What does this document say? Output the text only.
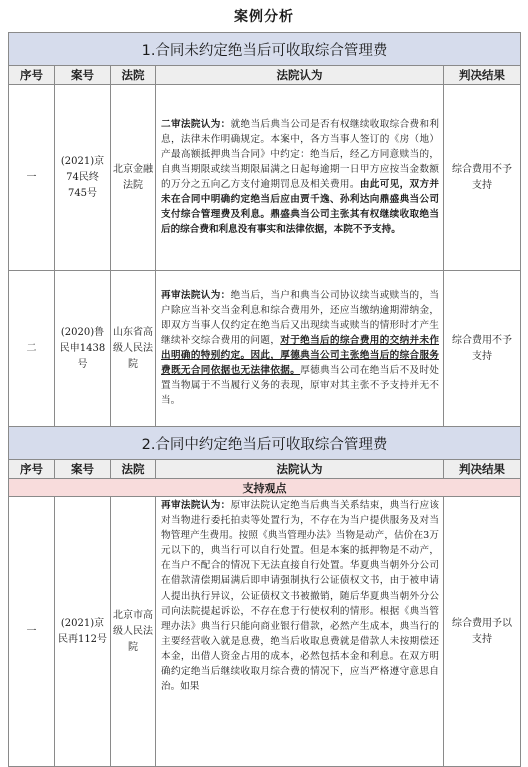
案例分析
1.合同未约定绝当后可收取综合管理费				
序号	案号	法院	法院认为	判决结果
一	(2021)京74民终745号	北京金融法院	二审法院认为：就绝当后典当公司是否有权继续收取综合费和利息，法律未作明确规定。本案中，各方当事人签订的《房（地）产最高额抵押典当合同》中约定：绝当后，经乙方同意赎当的，自典当期限或续当期限届满之日起每逾期一日甲方应按当金数额的万分之五向乙方支付逾期罚息及相关费用。由此可见，双方并未在合同中明确约定绝当后应由贾千逸、孙利达向鼎盛典当公司支付综合管理费及利息。鼎盛典当公司主张其有权继续收取绝当后的综合费和利息没有事实和法律依据，本院不予支持。	综合费用不予支持
二	(2020)鲁民申1438号	山东省高级人民法院	再审法院认为：绝当后，当户和典当公司协议续当或赎当的，当户除应当补交当金利息和综合费用外，还应当缴纳逾期滞纳金，即双方当事人仅约定在绝当后又出现续当或赎当的情形时才产生继续补交综合费用的问题，对于绝当后的综合费用的交纳并未作出明确的特别约定。因此，厚德典当公司主张绝当后的综合服务费既无合同依据也无法律依据。厚德典当公司在绝当后不及时处置当物属于不当履行义务的表现，原审对其主张不予支持并无不当。	综合费用不予支持
2.合同中约定绝当后可收取综合管理费				
序号	案号	法院	法院认为	判决结果
支持观点				
一	(2021)京民再112号	北京市高级人民法院	再审法院认为：原审法院认定绝当后典当关系结束，典当行应该对当物进行委托拍卖等处置行为，不存在为当户提供服务及对当物管理产生费用。按照《典当管理办法》当物是动产，估价在3万元以下的，典当行可以自行处置。但是本案的抵押物是不动产，在当户不配合的情况下无法直接自行处置。华夏典当朝外分公司在借款清偿期届满后即申请强制执行公证债权文书，由于被申请人提出执行异议，公证债权文书被撤销，随后华夏典当朝外分公司向法院提起诉讼，不存在怠于行使权利的情形。根据《典当管理办法》典当行只能向商业银行借款，必然产生成本，典当行的主要经营收入就是息费，绝当后收取息费就是借款人未按期偿还本金，出借人资金占用的成本，必然包括本金和利息。在双方明确约定绝当后继续收取月综合费的情况下，应当严格遵守意思自治。如果	综合费用予以支持
